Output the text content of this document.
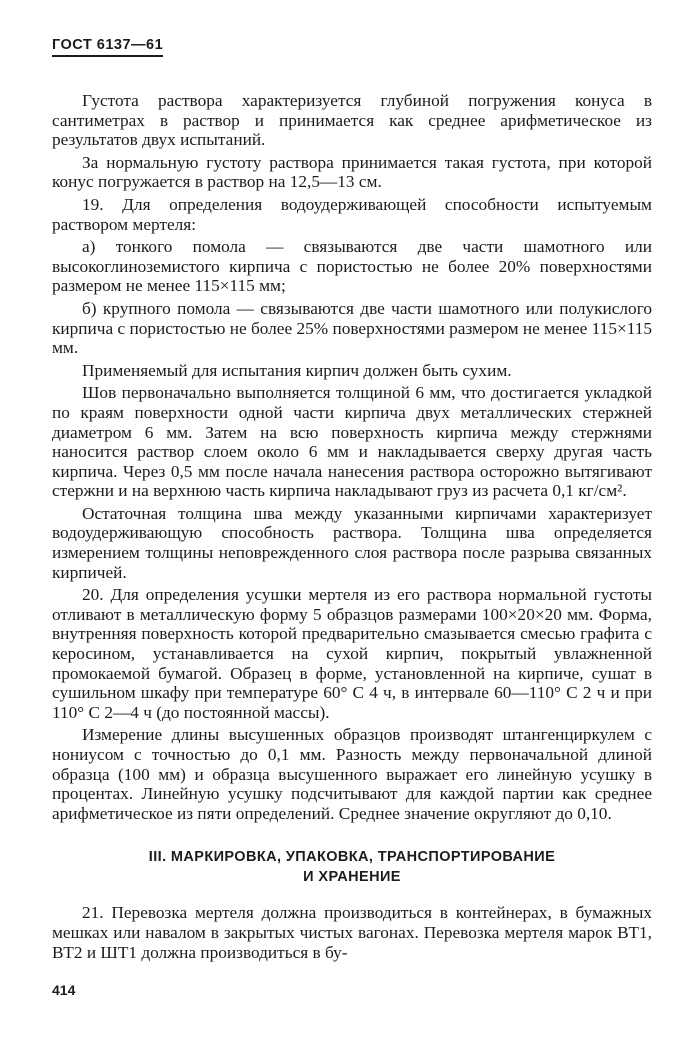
ГОСТ 6137—61

Густота раствора характеризуется глубиной погружения конуса в сантиметрах в раствор и принимается как среднее арифметическое из результатов двух испытаний.

За нормальную густоту раствора принимается такая густота, при которой конус погружается в раствор на 12,5—13 см.

19. Для определения водоудерживающей способности испытуемым раствором мертеля:

а) тонкого помола — связываются две части шамотного или высокоглиноземистого кирпича с пористостью не более 20% поверхностями размером не менее 115×115 мм;

б) крупного помола — связываются две части шамотного или полукислого кирпича с пористостью не более 25% поверхностями размером не менее 115×115 мм.

Применяемый для испытания кирпич должен быть сухим.

Шов первоначально выполняется толщиной 6 мм, что достигается укладкой по краям поверхности одной части кирпича двух металлических стержней диаметром 6 мм. Затем на всю поверхность кирпича между стержнями наносится раствор слоем около 6 мм и накладывается сверху другая часть кирпича. Через 0,5 мм после начала нанесения раствора осторожно вытягивают стержни и на верхнюю часть кирпича накладывают груз из расчета 0,1 кг/см².

Остаточная толщина шва между указанными кирпичами характеризует водоудерживающую способность раствора. Толщина шва определяется измерением толщины неповрежденного слоя раствора после разрыва связанных кирпичей.

20. Для определения усушки мертеля из его раствора нормальной густоты отливают в металлическую форму 5 образцов размерами 100×20×20 мм. Форма, внутренняя поверхность которой предварительно смазывается смесью графита с керосином, устанавливается на сухой кирпич, покрытый увлажненной промокаемой бумагой. Образец в форме, установленной на кирпиче, сушат в сушильном шкафу при температуре 60° С 4 ч, в интервале 60—110° С 2 ч и при 110° С 2—4 ч (до постоянной массы).

Измерение длины высушенных образцов производят штангенциркулем с нониусом с точностью до 0,1 мм. Разность между первоначальной длиной образца (100 мм) и образца высушенного выражает его линейную усушку в процентах. Линейную усушку подсчитывают для каждой партии как среднее арифметическое из пяти определений. Среднее значение округляют до 0,10.

III. МАРКИРОВКА, УПАКОВКА, ТРАНСПОРТИРОВАНИЕ
И ХРАНЕНИЕ

21. Перевозка мертеля должна производиться в контейнерах, в бумажных мешках или навалом в закрытых чистых вагонах. Перевозка мертеля марок ВТ1, ВТ2 и ШТ1 должна производиться в бу-

414
